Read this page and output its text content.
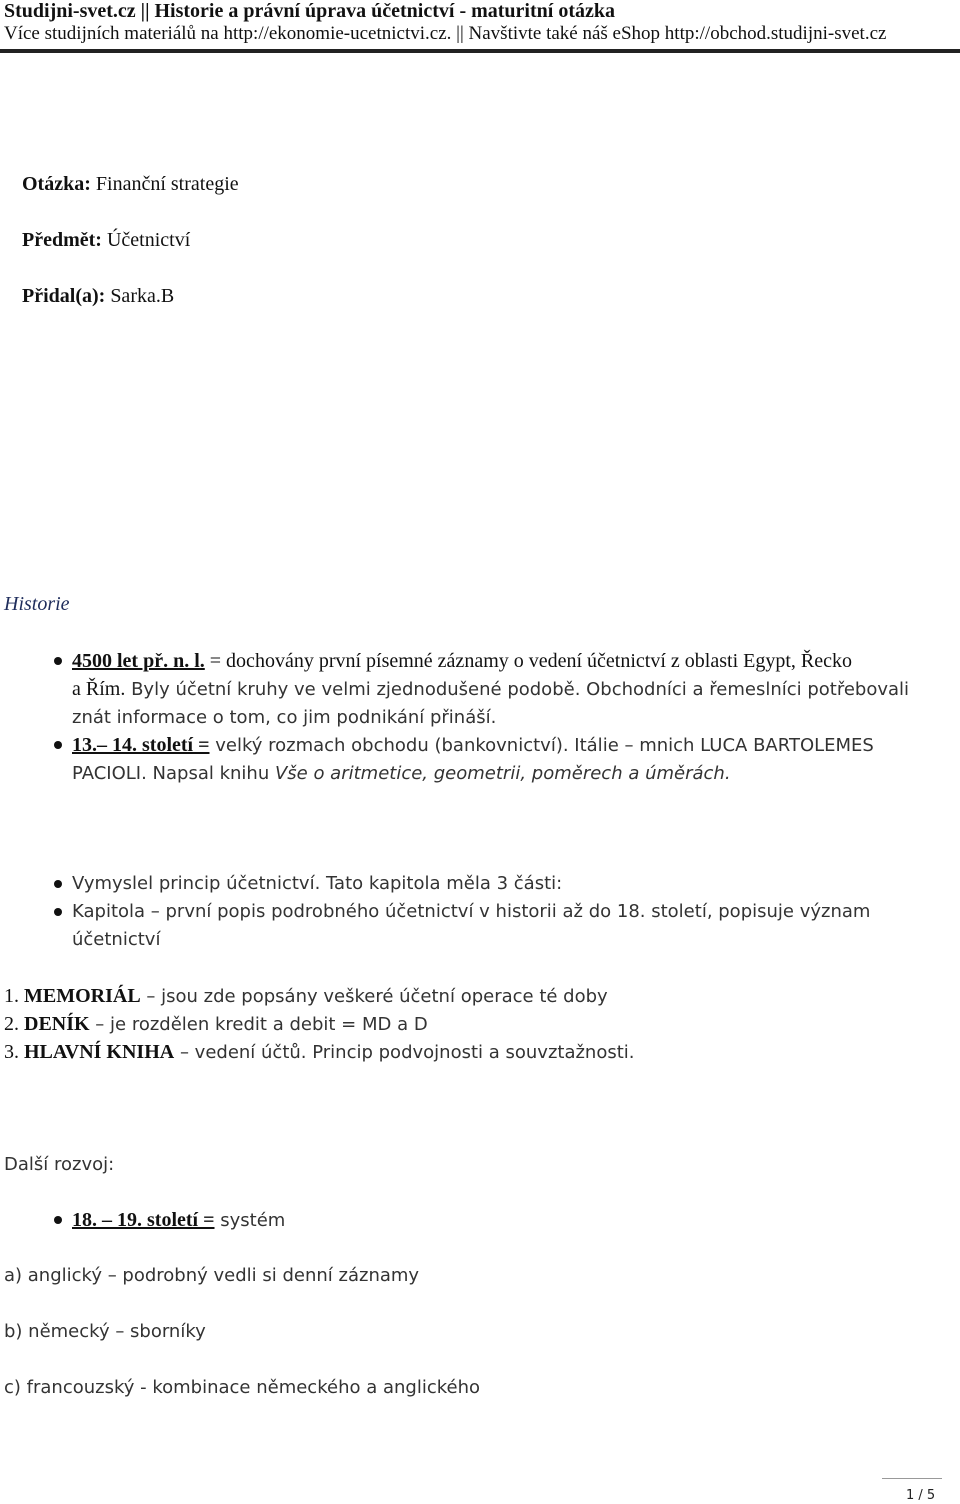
Studijni-svet.cz || Historie a právní úprava účetnictví - maturitní otázka
Více studijních materiálů na http://ekonomie-ucetnictvi.cz. || Navštivte také náš eShop http://obchod.studijni-svet.cz
Otázka: Finanční strategie
Předmět: Účetnictví
Přidal(a): Sarka.B
Historie
4500 let př. n. l. = dochovány první písemné záznamy o vedení účetnictví z oblasti Egypt, Řecko
a Řím. Byly účetní kruhy ve velmi zjednodušené podobě. Obchodníci a řemeslníci potřebovali
znát informace o tom, co jim podnikání přináší.
13.– 14. století = velký rozmach obchodu (bankovnictví). Itálie – mnich LUCA BARTOLEMES
PACIOLI. Napsal knihu Vše o aritmetice, geometrii, poměrech a úměrách.
Vymyslel princip účetnictví. Tato kapitola měla 3 části:
Kapitola – první popis podrobného účetnictví v historii až do 18. století, popisuje význam
účetnictví
1. MEMORIÁL – jsou zde popsány veškeré účetní operace té doby
2. DENÍK – je rozdělen kredit a debit = MD a D
3. HLAVNÍ KNIHA – vedení účtů. Princip podvojnosti a souvztažnosti.
Další rozvoj:
18. – 19. století = systém
a) anglický – podrobný vedli si denní záznamy
b) německý – sborníky
c) francouzský - kombinace německého a anglického
1 / 5
